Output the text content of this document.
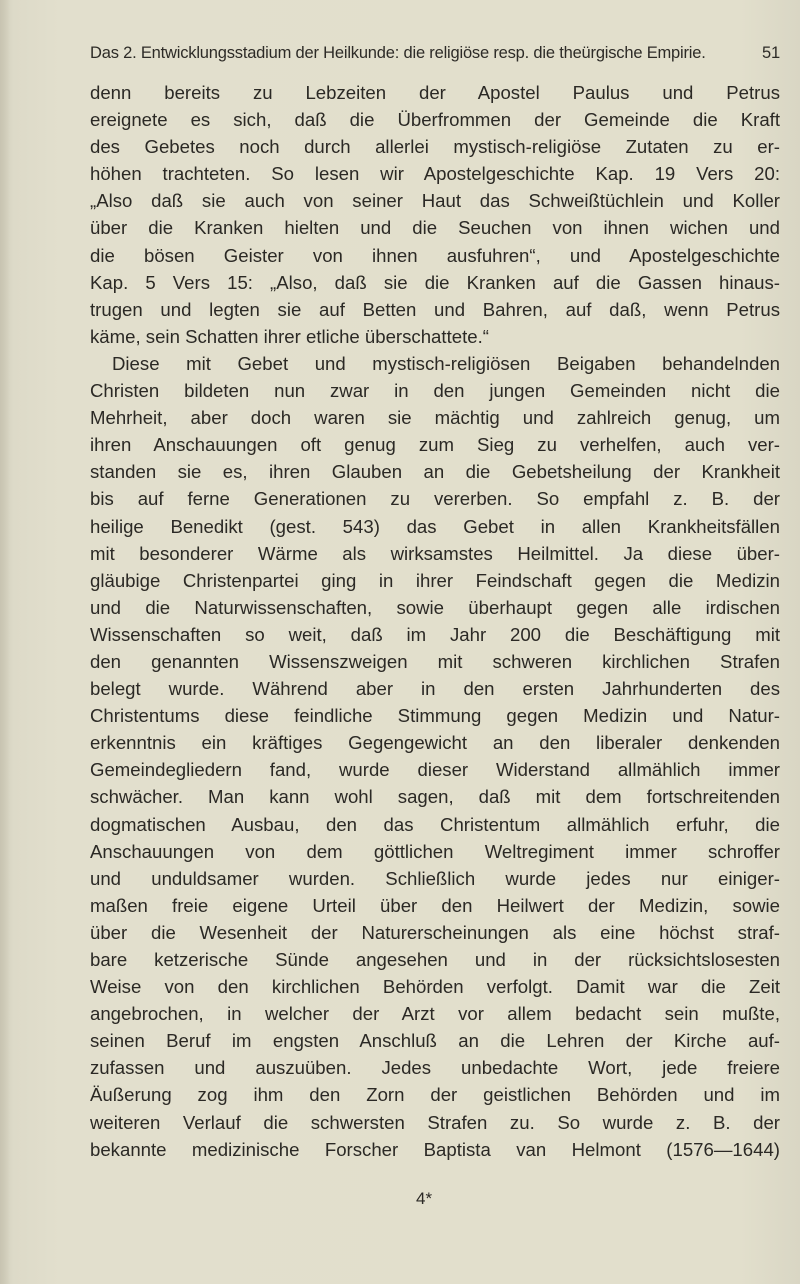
Das 2. Entwicklungsstadium der Heilkunde: die religiöse resp. die theürgische Empirie.	51
denn bereits zu Lebzeiten der Apostel Paulus und Petrus
ereignete es sich, daß die Überfrommen der Gemeinde die Kraft
des Gebetes noch durch allerlei mystisch-religiöse Zutaten zu er-
höhen trachteten. So lesen wir Apostelgeschichte Kap. 19 Vers 20:
„Also daß sie auch von seiner Haut das Schweißtüchlein und Koller
über die Kranken hielten und die Seuchen von ihnen wichen und
die bösen Geister von ihnen ausfuhren“, und Apostelgeschichte
Kap. 5 Vers 15: „Also, daß sie die Kranken auf die Gassen hinaus-
trugen und legten sie auf Betten und Bahren, auf daß, wenn Petrus
käme, sein Schatten ihrer etliche überschattete.“
Diese mit Gebet und mystisch-religiösen Beigaben behandelnden
Christen bildeten nun zwar in den jungen Gemeinden nicht die
Mehrheit, aber doch waren sie mächtig und zahlreich genug, um
ihren Anschauungen oft genug zum Sieg zu verhelfen, auch ver-
standen sie es, ihren Glauben an die Gebetsheilung der Krankheit
bis auf ferne Generationen zu vererben. So empfahl z. B. der
heilige Benedikt (gest. 543) das Gebet in allen Krankheitsfällen
mit besonderer Wärme als wirksamstes Heilmittel. Ja diese über-
gläubige Christenpartei ging in ihrer Feindschaft gegen die Medizin
und die Naturwissenschaften, sowie überhaupt gegen alle irdischen
Wissenschaften so weit, daß im Jahr 200 die Beschäftigung mit
den genannten Wissenszweigen mit schweren kirchlichen Strafen
belegt wurde. Während aber in den ersten Jahrhunderten des
Christentums diese feindliche Stimmung gegen Medizin und Natur-
erkenntnis ein kräftiges Gegengewicht an den liberaler denkenden
Gemeindegliedern fand, wurde dieser Widerstand allmählich immer
schwächer. Man kann wohl sagen, daß mit dem fortschreitenden
dogmatischen Ausbau, den das Christentum allmählich erfuhr, die
Anschauungen von dem göttlichen Weltregiment immer schroffer
und unduldsamer wurden. Schließlich wurde jedes nur einiger-
maßen freie eigene Urteil über den Heilwert der Medizin, sowie
über die Wesenheit der Naturerscheinungen als eine höchst straf-
bare ketzerische Sünde angesehen und in der rücksichtslosesten
Weise von den kirchlichen Behörden verfolgt. Damit war die Zeit
angebrochen, in welcher der Arzt vor allem bedacht sein mußte,
seinen Beruf im engsten Anschluß an die Lehren der Kirche auf-
zufassen und auszuüben. Jedes unbedachte Wort, jede freiere
Äußerung zog ihm den Zorn der geistlichen Behörden und im
weiteren Verlauf die schwersten Strafen zu. So wurde z. B. der
bekannte medizinische Forscher Baptista van Helmont (1576—1644)
4*
